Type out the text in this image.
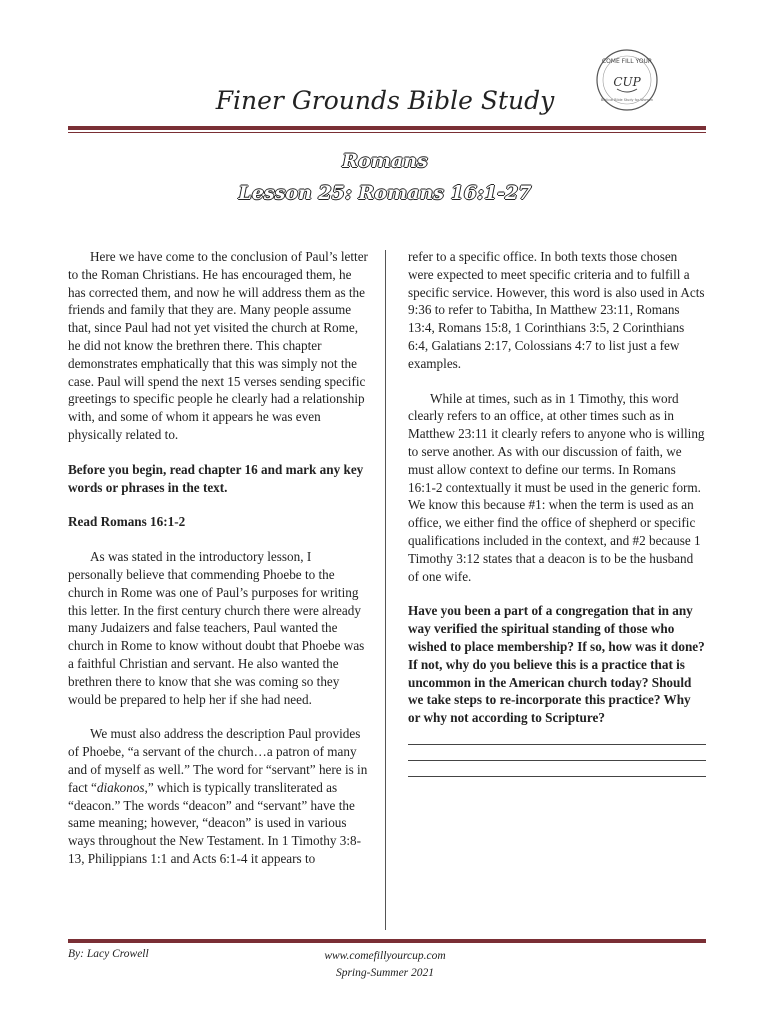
COME FILL YOUR
CUP
Biblical Bible Study for Women
Finer Grounds Bible Study
Romans
Lesson 25: Romans 16:1-27

Here we have come to the conclusion of Paul’s letter to the Roman Christians. He has encouraged them, he has corrected them, and now he will address them as the friends and family that they are. Many people assume that, since Paul had not yet visited the church at Rome, he did not know the brethren there. This chapter demonstrates emphatically that this was simply not the case. Paul will spend the next 15 verses sending specific greetings to specific people he clearly had a relationship with, and some of whom it appears he was even physically related to.

Before you begin, read chapter 16 and mark any key words or phrases in the text.

Read Romans 16:1-2

As was stated in the introductory lesson, I personally believe that commending Phoebe to the church in Rome was one of Paul’s purposes for writing this letter. In the first century church there were already many Judaizers and false teachers, Paul wanted the church in Rome to know without doubt that Phoebe was a faithful Christian and servant. He also wanted the brethren there to know that she was coming so they would be prepared to help her if she had need.

We must also address the description Paul provides of Phoebe, “a servant of the church…a patron of many and of myself as well.” The word for “servant” here is in fact “diakonos,” which is typically transliterated as “deacon.” The words “deacon” and “servant” have the same meaning; however, “deacon” is used in various ways throughout the New Testament. In 1 Timothy 3:8-13, Philippians 1:1 and Acts 6:1-4 it appears to

refer to a specific office. In both texts those chosen were expected to meet specific criteria and to fulfill a specific service. However, this word is also used in Acts 9:36 to refer to Tabitha, In Matthew 23:11, Romans 13:4, Romans 15:8, 1 Corinthians 3:5, 2 Corinthians 6:4, Galatians 2:17, Colossians 4:7 to list just a few examples.

While at times, such as in 1 Timothy, this word clearly refers to an office, at other times such as in Matthew 23:11 it clearly refers to anyone who is willing to serve another. As with our discussion of faith, we must allow context to define our terms. In Romans 16:1-2 contextually it must be used in the generic form. We know this because #1: when the term is used as an office, we either find the office of shepherd or specific qualifications included in the context, and #2 because 1 Timothy 3:12 states that a deacon is to be the husband of one wife.

Have you been a part of a congregation that in any way verified the spiritual standing of those who wished to place membership? If so, how was it done? If not, why do you believe this is a practice that is uncommon in the American church today? Should we take steps to re-incorporate this practice? Why or why not according to Scripture?

By: Lacy Crowell	www.comefillyourcup.com
Spring-Summer 2021
